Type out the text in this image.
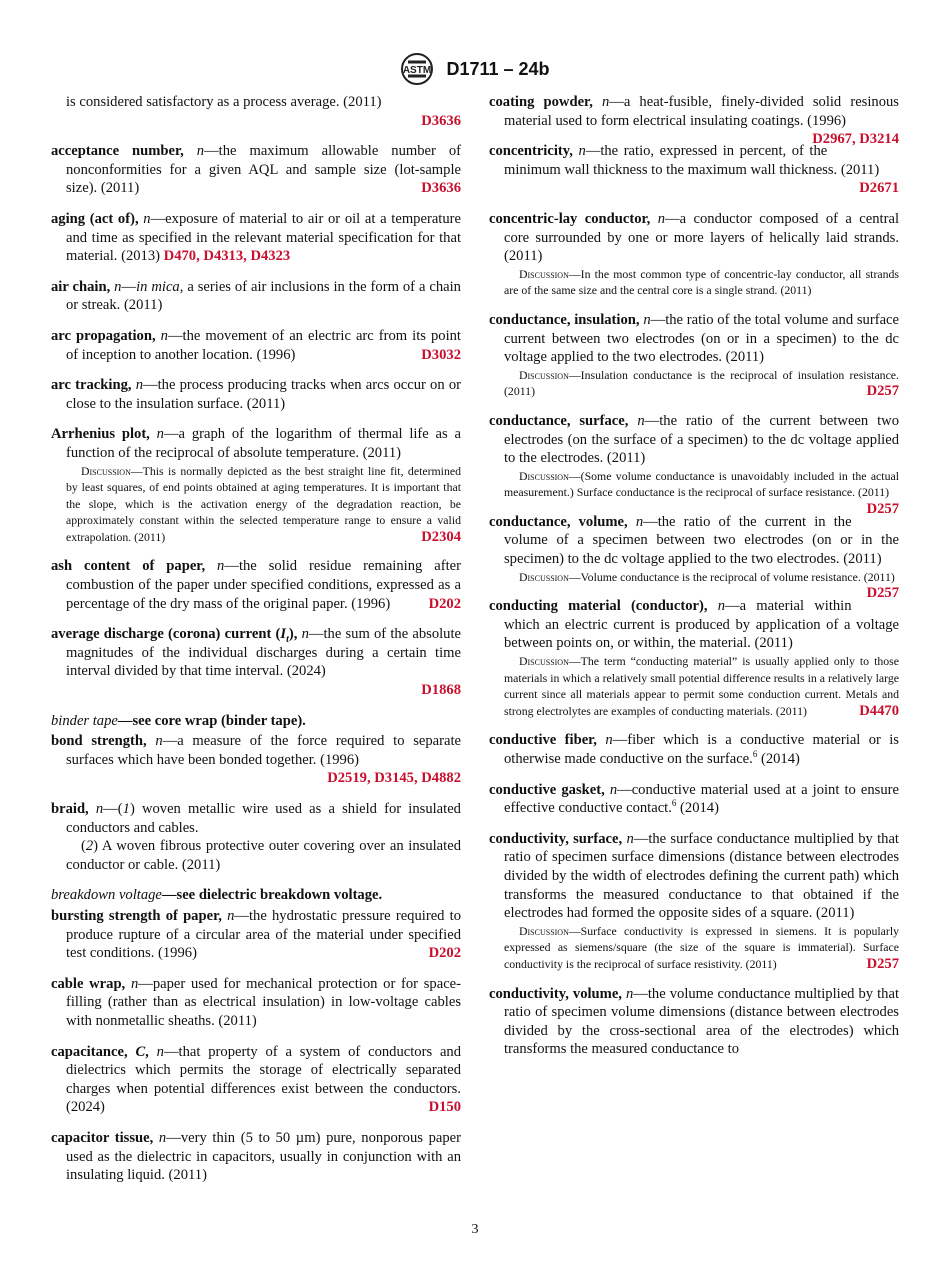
ASTM D1711 – 24b
is considered satisfactory as a process average. (2011)
D3636
acceptance number, n—the maximum allowable number of nonconformities for a given AQL and sample size (lot-sample size). (2011)	D3636
aging (act of), n—exposure of material to air or oil at a temperature and time as specified in the relevant material specification for that material. (2013) D470, D4313, D4323
air chain, n—in mica, a series of air inclusions in the form of a chain or streak. (2011)
arc propagation, n—the movement of an electric arc from its point of inception to another location. (1996)	D3032
arc tracking, n—the process producing tracks when arcs occur on or close to the insulation surface. (2011)
Arrhenius plot, n—a graph of the logarithm of thermal life as a function of the reciprocal of absolute temperature. (2011)
Discussion—This is normally depicted as the best straight line fit, determined by least squares, of end points obtained at aging temperatures. It is important that the slope, which is the activation energy of the degradation reaction, be approximately constant within the selected temperature range to ensure a valid extrapolation. (2011)	D2304
ash content of paper, n—the solid residue remaining after combustion of the paper under specified conditions, expressed as a percentage of the dry mass of the original paper. (1996)	D202
average discharge (corona) current $(I_t)$, n—the sum of the absolute magnitudes of the individual discharges during a certain time interval divided by that time interval. (2024)
D1868
binder tape—see core wrap (binder tape).
bond strength, n—a measure of the force required to separate surfaces which have been bonded together. (1996)
D2519, D3145, D4882
braid, n—(1) woven metallic wire used as a shield for insulated conductors and cables.
(2) A woven fibrous protective outer covering over an insulated conductor or cable. (2011)
breakdown voltage—see dielectric breakdown voltage.
bursting strength of paper, n—the hydrostatic pressure required to produce rupture of a circular area of the material under specified test conditions. (1996)	D202
cable wrap, n—paper used for mechanical protection or for space-filling (rather than as electrical insulation) in low-voltage cables with nonmetallic sheaths. (2011)
capacitance, C, n—that property of a system of conductors and dielectrics which permits the storage of electrically separated charges when potential differences exist between the conductors. (2024)	D150
capacitor tissue, n—very thin (5 to 50 µm) pure, nonporous paper used as the dielectric in capacitors, usually in conjunction with an insulating liquid. (2011)
coating powder, n—a heat-fusible, finely-divided solid resinous material used to form electrical insulating coatings. (1996)
D2967, D3214
concentricity, n—the ratio, expressed in percent, of the minimum wall thickness to the maximum wall thickness. (2011)
D2671
concentric-lay conductor, n—a conductor composed of a central core surrounded by one or more layers of helically laid strands. (2011)
Discussion—In the most common type of concentric-lay conductor, all strands are of the same size and the central core is a single strand. (2011)
conductance, insulation, n—the ratio of the total volume and surface current between two electrodes (on or in a specimen) to the dc voltage applied to the two electrodes. (2011)
Discussion—Insulation conductance is the reciprocal of insulation resistance. (2011)	D257
conductance, surface, n—the ratio of the current between two electrodes (on the surface of a specimen) to the dc voltage applied to the electrodes. (2011)
Discussion—(Some volume conductance is unavoidably included in the actual measurement.) Surface conductance is the reciprocal of surface resistance. (2011)
D257
conductance, volume, n—the ratio of the current in the volume of a specimen between two electrodes (on or in the specimen) to the dc voltage applied to the two electrodes. (2011)
Discussion—Volume conductance is the reciprocal of volume resistance. (2011)
D257
conducting material (conductor), n—a material within which an electric current is produced by application of a voltage between points on, or within, the material. (2011)
Discussion—The term “conducting material” is usually applied only to those materials in which a relatively small potential difference results in a relatively large current since all materials appear to permit some conduction current. Metals and strong electrolytes are examples of conducting materials. (2011)	D4470
conductive fiber, n—fiber which is a conductive material or is otherwise made conductive on the surface.$^6$ (2014)
conductive gasket, n—conductive material used at a joint to ensure effective conductive contact.$^6$ (2014)
conductivity, surface, n—the surface conductance multiplied by that ratio of specimen surface dimensions (distance between electrodes divided by the width of electrodes defining the current path) which transforms the measured conductance to that obtained if the electrodes had formed the opposite sides of a square. (2011)
Discussion—Surface conductivity is expressed in siemens. It is popularly expressed as siemens/square (the size of the square is immaterial). Surface conductivity is the reciprocal of surface resistivity. (2011)	D257
conductivity, volume, n—the volume conductance multiplied by that ratio of specimen volume dimensions (distance between electrodes divided by the cross-sectional area of the electrodes) which transforms the measured conductance to
3
